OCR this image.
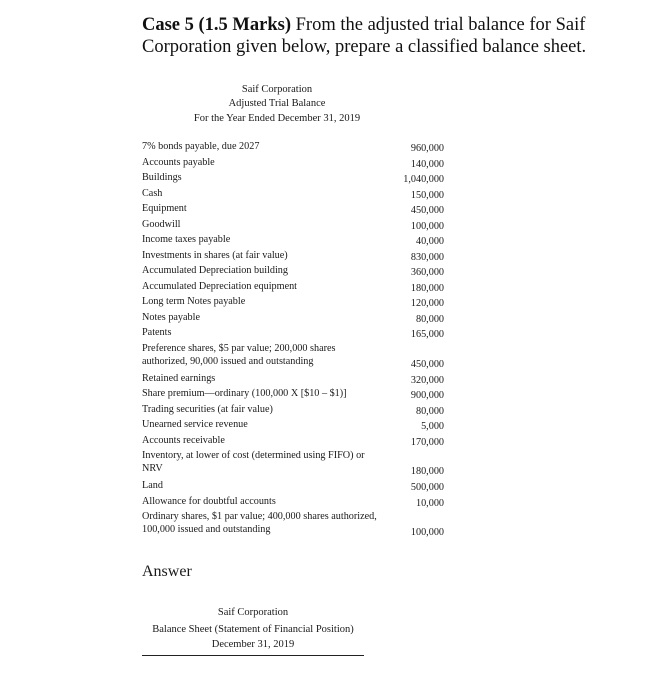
Case 5 (1.5 Marks) From the adjusted trial balance for Saif Corporation given below, prepare a classified balance sheet.
Saif Corporation
Adjusted Trial Balance
For the Year Ended December 31, 2019
7% bonds payable, due 2027	960,000
Accounts payable	140,000
Buildings	1,040,000
Cash	150,000
Equipment	450,000
Goodwill	100,000
Income taxes payable	40,000
Investments in shares (at fair value)	830,000
Accumulated Depreciation building	360,000
Accumulated Depreciation equipment	180,000
Long term Notes payable	120,000
Notes payable	80,000
Patents	165,000
Preference shares, $5 par value; 200,000 shares authorized, 90,000 issued and outstanding	450,000
Retained earnings	320,000
Share premium—ordinary (100,000 X [$10 – $1)]	900,000
Trading securities (at fair value)	80,000
Unearned service revenue	5,000
Accounts receivable	170,000
Inventory, at lower of cost (determined using FIFO) or NRV	180,000
Land	500,000
Allowance for doubtful accounts	10,000
Ordinary shares, $1 par value; 400,000 shares authorized, 100,000 issued and outstanding	100,000
Answer
Saif Corporation
Balance Sheet (Statement of Financial Position)
December 31, 2019
